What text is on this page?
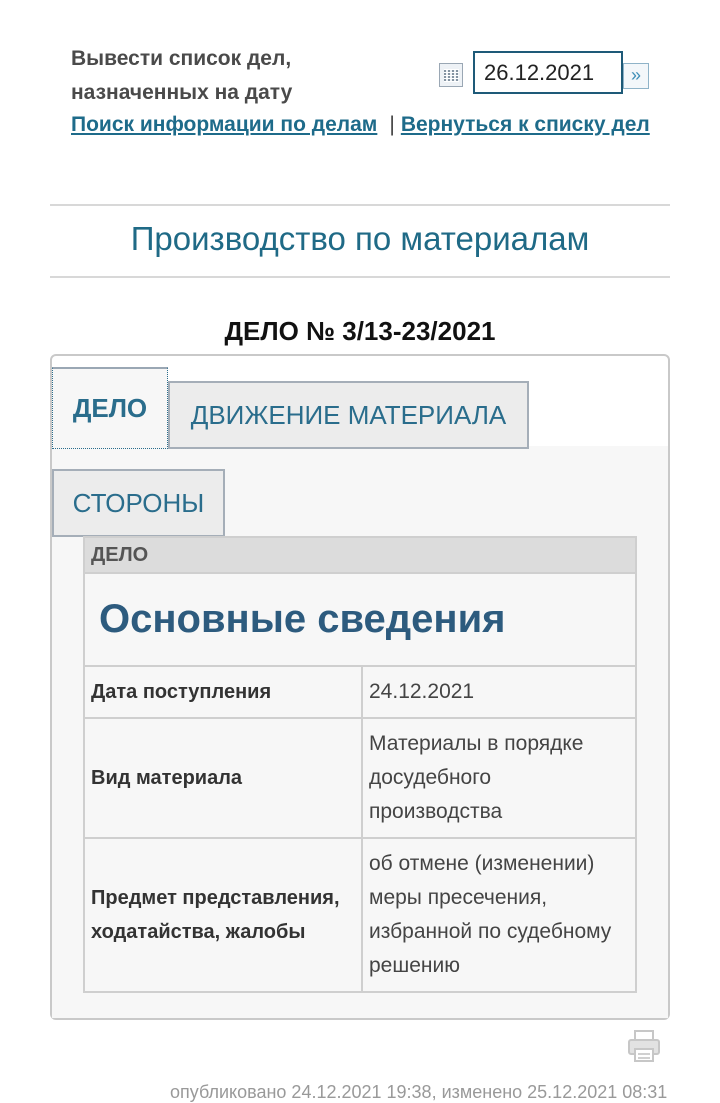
Вывести список дел, назначенных на дату
26.12.2021
»
Поиск информации по делам | Вернуться к списку дел
Производство по материалам
ДЕЛО № 3/13-23/2021
ДЕЛО	ДВИЖЕНИЕ МАТЕРИАЛА
СТОРОНЫ
ДЕЛО	
Основные сведения	
Дата поступления	24.12.2021
Вид материала	Материалы в порядке досудебного производства
Предмет представления, ходатайства, жалобы	об отмене (изменении) меры пресечения, избранной по судебному решению
опубликовано 24.12.2021 19:38, изменено 25.12.2021 08:31
